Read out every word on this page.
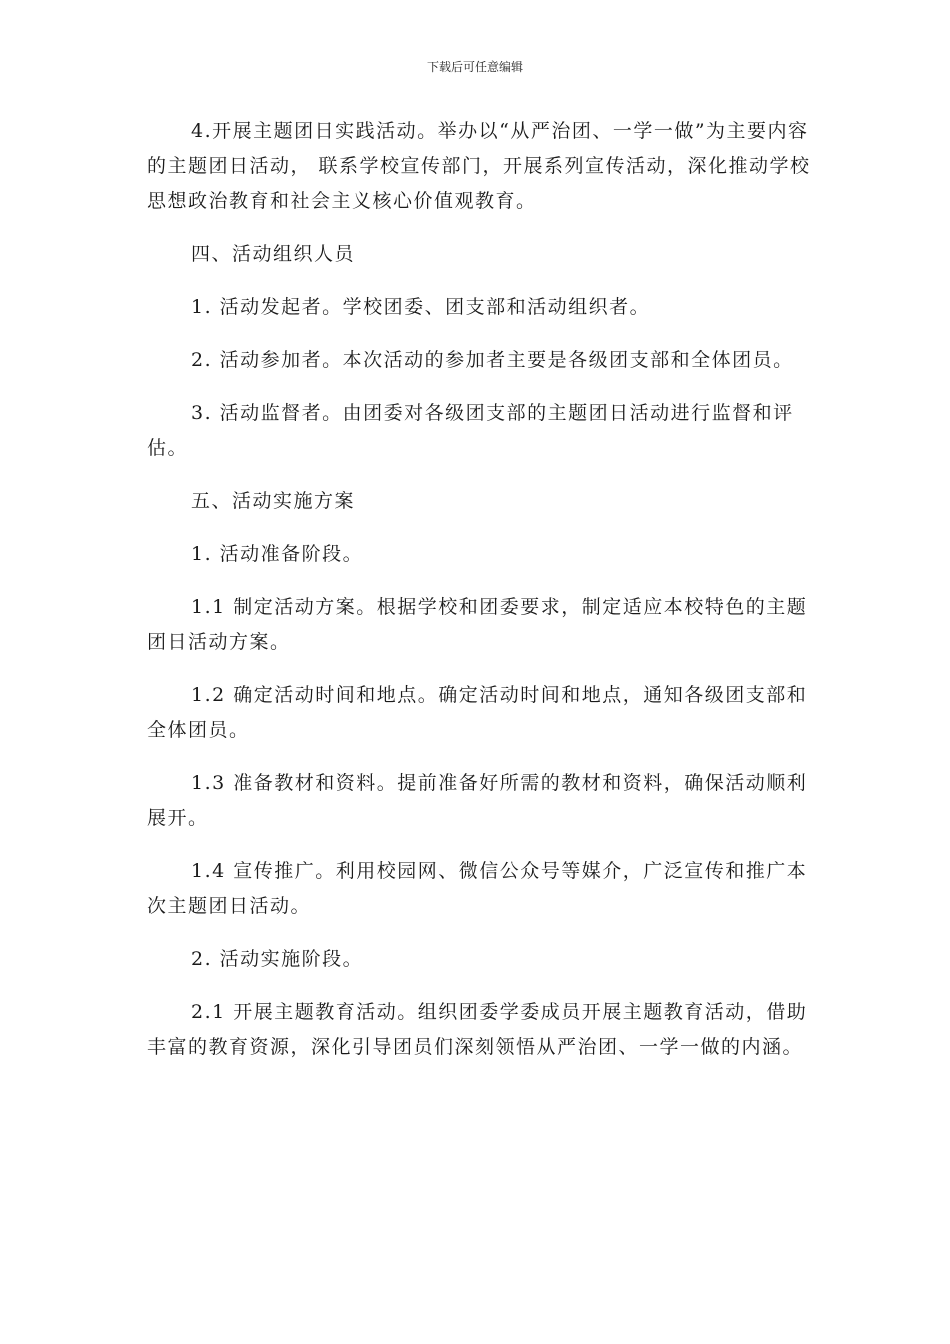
下载后可任意编辑

4.开展主题团日实践活动。举办以“从严治团、一学一做”为主要内容的主题团日活动， 联系学校宣传部门，开展系列宣传活动，深化推动学校思想政治教育和社会主义核心价值观教育。

四、活动组织人员

1. 活动发起者。学校团委、团支部和活动组织者。

2. 活动参加者。本次活动的参加者主要是各级团支部和全体团员。

3. 活动监督者。由团委对各级团支部的主题团日活动进行监督和评估。

五、活动实施方案

1. 活动准备阶段。

1.1 制定活动方案。根据学校和团委要求，制定适应本校特色的主题团日活动方案。

1.2 确定活动时间和地点。确定活动时间和地点，通知各级团支部和全体团员。

1.3 准备教材和资料。提前准备好所需的教材和资料，确保活动顺利展开。

1.4 宣传推广。利用校园网、微信公众号等媒介，广泛宣传和推广本次主题团日活动。

2. 活动实施阶段。

2.1 开展主题教育活动。组织团委学委成员开展主题教育活动，借助丰富的教育资源，深化引导团员们深刻领悟从严治团、一学一做的内涵。
